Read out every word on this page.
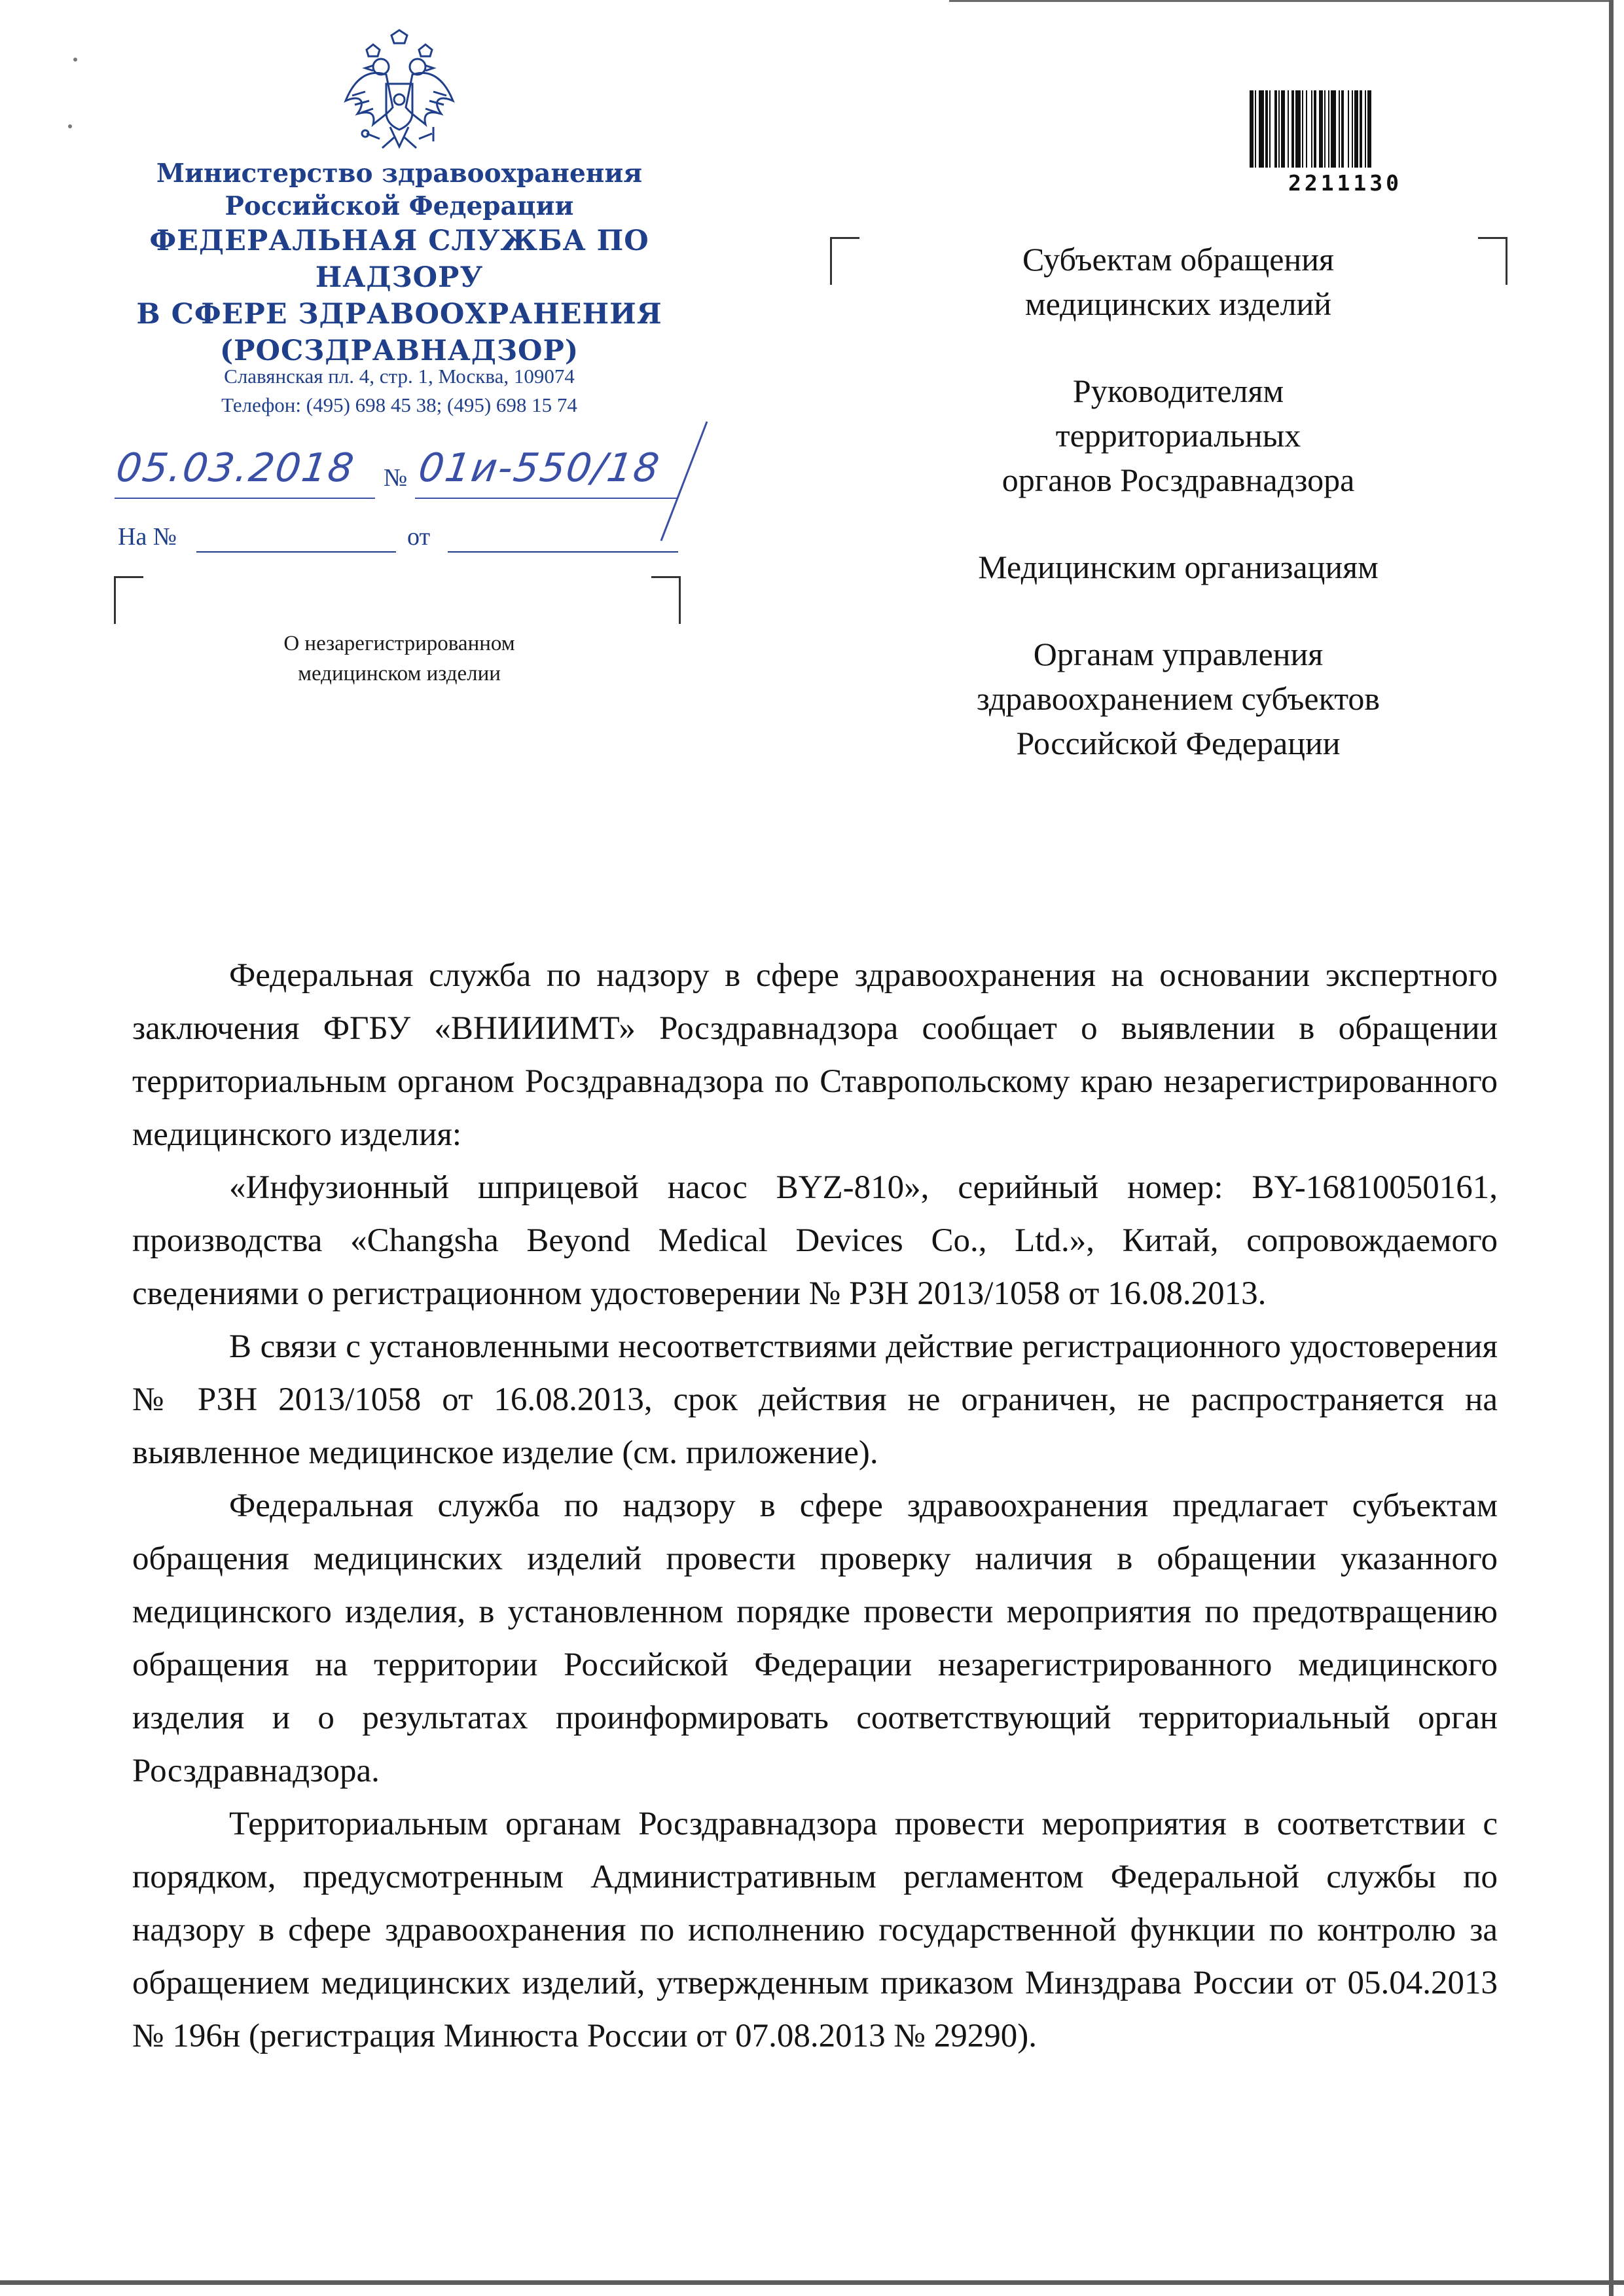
Министерство здравоохранения
Российской Федерации
ФЕДЕРАЛЬНАЯ СЛУЖБА ПО НАДЗОРУ
В СФЕРЕ ЗДРАВООХРАНЕНИЯ
(РОСЗДРАВНАДЗОР)
Славянская пл. 4, стр. 1, Москва, 109074
Телефон: (495) 698 45 38; (495) 698 15 74
05.03.2018 № 01и-550/18
На №	от
О незарегистрированном
медицинском изделии
2211130
Субъектам обращения
медицинских изделий
Руководителям
территориальных
органов Росздравнадзора
Медицинским организациям
Органам управления
здравоохранением субъектов
Российской Федерации

Федеральная служба по надзору в сфере здравоохранения на основании экспертного заключения ФГБУ «ВНИИИМТ» Росздравнадзора сообщает о выявлении в обращении территориальным органом Росздравнадзора по Ставропольскому краю незарегистрированного медицинского изделия:

«Инфузионный шприцевой насос BYZ-810», серийный номер: BY-16810050161, производства «Changsha Beyond Medical Devices Co., Ltd.», Китай, сопровождаемого сведениями о регистрационном удостоверении № РЗН 2013/1058 от 16.08.2013.

В связи с установленными несоответствиями действие регистрационного удостоверения № РЗН 2013/1058 от 16.08.2013, срок действия не ограничен, не распространяется на выявленное медицинское изделие (см. приложение).

Федеральная служба по надзору в сфере здравоохранения предлагает субъектам обращения медицинских изделий провести проверку наличия в обращении указанного медицинского изделия, в установленном порядке провести мероприятия по предотвращению обращения на территории Российской Федерации незарегистрированного медицинского изделия и о результатах проинформировать соответствующий территориальный орган Росздравнадзора.

Территориальным органам Росздравнадзора провести мероприятия в соответствии с порядком, предусмотренным Административным регламентом Федеральной службы по надзору в сфере здравоохранения по исполнению государственной функции по контролю за обращением медицинских изделий, утвержденным приказом Минздрава России от 05.04.2013 № 196н (регистрация Минюста России от 07.08.2013 № 29290).
